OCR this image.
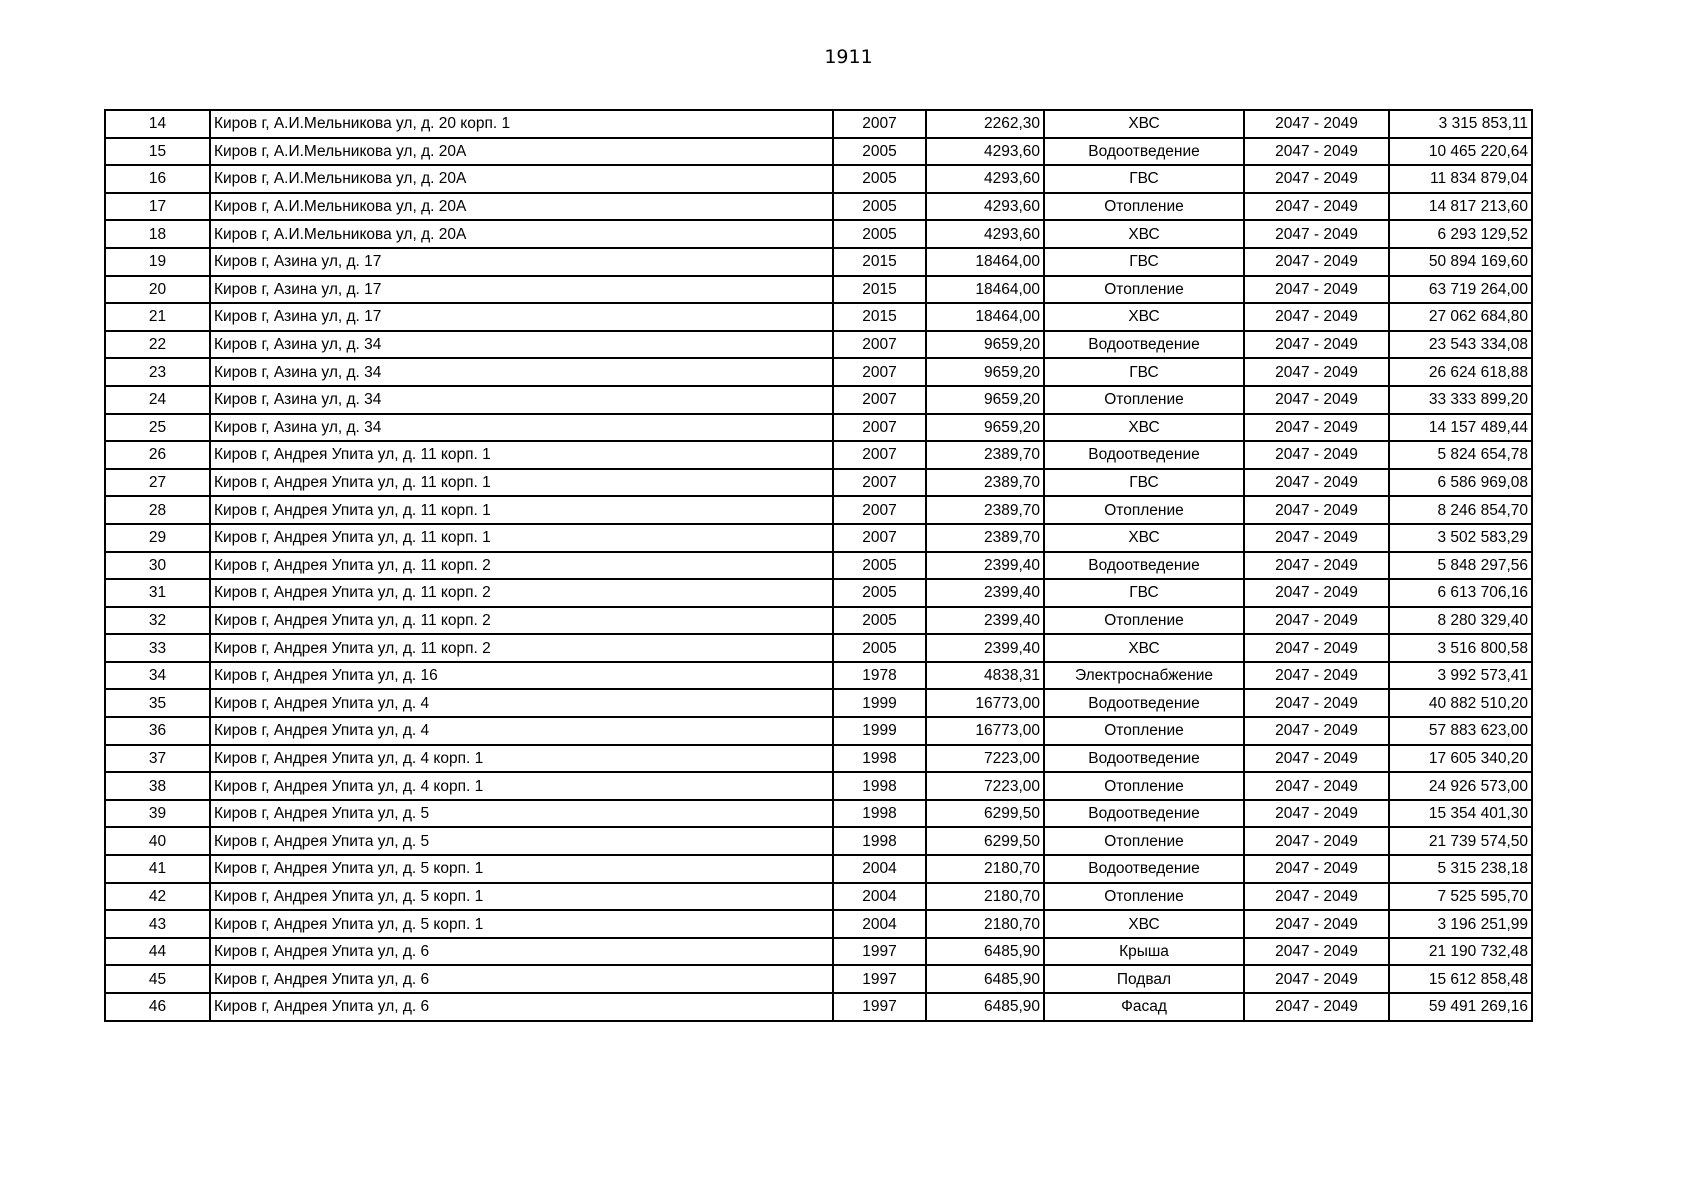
1911
14	Киров г, А.И.Мельникова ул, д. 20 корп. 1	2007	2262,30	ХВС	2047 - 2049	3 315 853,11
15	Киров г, А.И.Мельникова ул, д. 20А	2005	4293,60	Водоотведение	2047 - 2049	10 465 220,64
16	Киров г, А.И.Мельникова ул, д. 20А	2005	4293,60	ГВС	2047 - 2049	11 834 879,04
17	Киров г, А.И.Мельникова ул, д. 20А	2005	4293,60	Отопление	2047 - 2049	14 817 213,60
18	Киров г, А.И.Мельникова ул, д. 20А	2005	4293,60	ХВС	2047 - 2049	6 293 129,52
19	Киров г, Азина ул, д. 17	2015	18464,00	ГВС	2047 - 2049	50 894 169,60
20	Киров г, Азина ул, д. 17	2015	18464,00	Отопление	2047 - 2049	63 719 264,00
21	Киров г, Азина ул, д. 17	2015	18464,00	ХВС	2047 - 2049	27 062 684,80
22	Киров г, Азина ул, д. 34	2007	9659,20	Водоотведение	2047 - 2049	23 543 334,08
23	Киров г, Азина ул, д. 34	2007	9659,20	ГВС	2047 - 2049	26 624 618,88
24	Киров г, Азина ул, д. 34	2007	9659,20	Отопление	2047 - 2049	33 333 899,20
25	Киров г, Азина ул, д. 34	2007	9659,20	ХВС	2047 - 2049	14 157 489,44
26	Киров г, Андрея Упита ул, д. 11 корп. 1	2007	2389,70	Водоотведение	2047 - 2049	5 824 654,78
27	Киров г, Андрея Упита ул, д. 11 корп. 1	2007	2389,70	ГВС	2047 - 2049	6 586 969,08
28	Киров г, Андрея Упита ул, д. 11 корп. 1	2007	2389,70	Отопление	2047 - 2049	8 246 854,70
29	Киров г, Андрея Упита ул, д. 11 корп. 1	2007	2389,70	ХВС	2047 - 2049	3 502 583,29
30	Киров г, Андрея Упита ул, д. 11 корп. 2	2005	2399,40	Водоотведение	2047 - 2049	5 848 297,56
31	Киров г, Андрея Упита ул, д. 11 корп. 2	2005	2399,40	ГВС	2047 - 2049	6 613 706,16
32	Киров г, Андрея Упита ул, д. 11 корп. 2	2005	2399,40	Отопление	2047 - 2049	8 280 329,40
33	Киров г, Андрея Упита ул, д. 11 корп. 2	2005	2399,40	ХВС	2047 - 2049	3 516 800,58
34	Киров г, Андрея Упита ул, д. 16	1978	4838,31	Электроснабжение	2047 - 2049	3 992 573,41
35	Киров г, Андрея Упита ул, д. 4	1999	16773,00	Водоотведение	2047 - 2049	40 882 510,20
36	Киров г, Андрея Упита ул, д. 4	1999	16773,00	Отопление	2047 - 2049	57 883 623,00
37	Киров г, Андрея Упита ул, д. 4 корп. 1	1998	7223,00	Водоотведение	2047 - 2049	17 605 340,20
38	Киров г, Андрея Упита ул, д. 4 корп. 1	1998	7223,00	Отопление	2047 - 2049	24 926 573,00
39	Киров г, Андрея Упита ул, д. 5	1998	6299,50	Водоотведение	2047 - 2049	15 354 401,30
40	Киров г, Андрея Упита ул, д. 5	1998	6299,50	Отопление	2047 - 2049	21 739 574,50
41	Киров г, Андрея Упита ул, д. 5 корп. 1	2004	2180,70	Водоотведение	2047 - 2049	5 315 238,18
42	Киров г, Андрея Упита ул, д. 5 корп. 1	2004	2180,70	Отопление	2047 - 2049	7 525 595,70
43	Киров г, Андрея Упита ул, д. 5 корп. 1	2004	2180,70	ХВС	2047 - 2049	3 196 251,99
44	Киров г, Андрея Упита ул, д. 6	1997	6485,90	Крыша	2047 - 2049	21 190 732,48
45	Киров г, Андрея Упита ул, д. 6	1997	6485,90	Подвал	2047 - 2049	15 612 858,48
46	Киров г, Андрея Упита ул, д. 6	1997	6485,90	Фасад	2047 - 2049	59 491 269,16
